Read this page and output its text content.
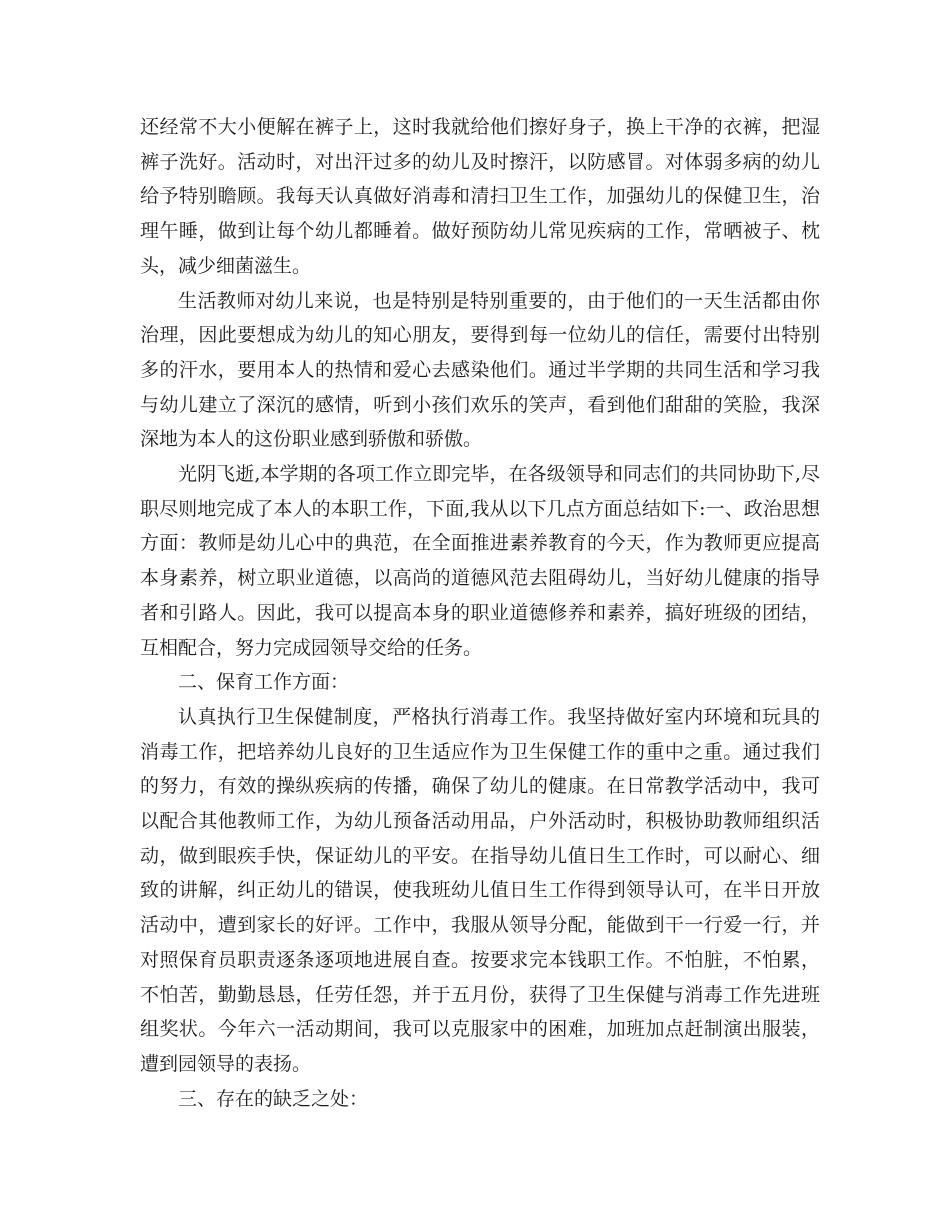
还经常不大小便解在裤子上，这时我就给他们擦好身子，换上干净的衣裤，把湿裤子洗好。活动时，对出汗过多的幼儿及时擦汗，以防感冒。对体弱多病的幼儿给予特别瞻顾。我每天认真做好消毒和清扫卫生工作，加强幼儿的保健卫生，治理午睡，做到让每个幼儿都睡着。做好预防幼儿常见疾病的工作，常晒被子、枕头，减少细菌滋生。

生活教师对幼儿来说，也是特别是特别重要的，由于他们的一天生活都由你治理，因此要想成为幼儿的知心朋友，要得到每一位幼儿的信任，需要付出特别多的汗水，要用本人的热情和爱心去感染他们。通过半学期的共同生活和学习我与幼儿建立了深沉的感情，听到小孩们欢乐的笑声，看到他们甜甜的笑脸，我深深地为本人的这份职业感到骄傲和骄傲。

光阴飞逝,本学期的各项工作立即完毕，在各级领导和同志们的共同协助下,尽职尽则地完成了本人的本职工作，下面,我从以下几点方面总结如下:一、政治思想方面：教师是幼儿心中的典范，在全面推进素养教育的今天，作为教师更应提高本身素养，树立职业道德，以高尚的道德风范去阻碍幼儿，当好幼儿健康的指导者和引路人。因此，我可以提高本身的职业道德修养和素养，搞好班级的团结，互相配合，努力完成园领导交给的任务。

二、保育工作方面：

认真执行卫生保健制度，严格执行消毒工作。我坚持做好室内环境和玩具的消毒工作，把培养幼儿良好的卫生适应作为卫生保健工作的重中之重。通过我们的努力，有效的操纵疾病的传播，确保了幼儿的健康。在日常教学活动中，我可以配合其他教师工作，为幼儿预备活动用品，户外活动时，积极协助教师组织活动，做到眼疾手快，保证幼儿的平安。在指导幼儿值日生工作时，可以耐心、细致的讲解，纠正幼儿的错误，使我班幼儿值日生工作得到领导认可，在半日开放活动中，遭到家长的好评。工作中，我服从领导分配，能做到干一行爱一行，并对照保育员职责逐条逐项地进展自查。按要求完本钱职工作。不怕脏，不怕累，不怕苦，勤勤恳恳，任劳任怨，并于五月份，获得了卫生保健与消毒工作先进班组奖状。今年六一活动期间，我可以克服家中的困难，加班加点赶制演出服装，遭到园领导的表扬。

三、存在的缺乏之处：
